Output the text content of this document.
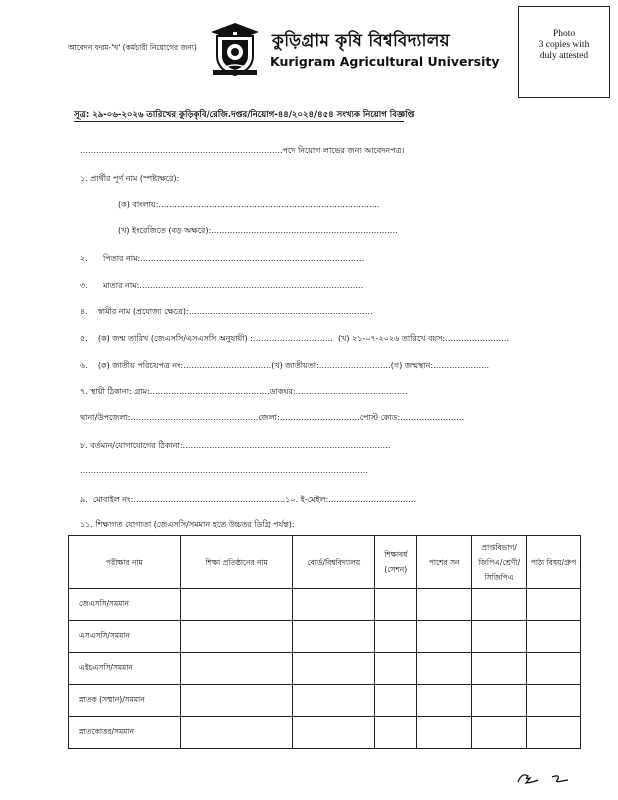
Photo
3 copies with
duly attested
আবেদন ফরম-'খ' (কর্মচারী নিয়োগের জন্য)	কুড়িগ্রাম কৃষি বিশ্ববিদ্যালয়
Kurigram Agricultural University
সূত্র: ২৯-০৬-২০২৬ তারিখের কুড়িকৃবি/রেজি.দপ্তর/নিয়োগ-৪৪/২০২৪/৪৫৪ সংখ্যক নিয়োগ বিজ্ঞপ্তি
………………………………………………………………….পদে নিয়োগ লাভের জন্য আবেদনপত্র।
১. প্রার্থীর পূর্ণ নাম (স্পষ্টাক্ষরে):
(ক) বাংলায়:………………………………………………………………………..
(খ) ইংরেজিতে (বড় অক্ষরে):…………………………………………………………….
২. পিতার নাম:…………………………………………………………………………
৩. মাতার নাম:…………………………………………………………………………
৪. স্বামীর নাম (প্রযোজ্য ক্ষেত্রে):……………………………………………………………
৫. (ক) জন্ম তারিখ (জেএসসি/এসএসসি অনুযায়ী) :………………………… (খ) ২১-০৭-২০২৬ তারিখে বয়স:……………………
৬. (ক) জাতীয় পরিচয়পত্র নং:……………………………(খ) জাতীয়তা:………………………(গ) জন্মস্থান:…………………
৭. স্থায়ী ঠিকানা: গ্রাম:………………………………………ডাকঘর:……………………………………
থানা/উপজেলা:…………………………………………জেলা:…………………………পোস্ট কোড:……………………
৮. বর্তমান/যোগাযোগের ঠিকানা:……………………………………………………………………
………………………………………………………………………………………………
৯. মোবাইল নং:…………………………………………………১০. ই-মেইল:……………………………
১১. শিক্ষাগত যোগ্যতা (জেএসসি/সমমান হতে উচ্চতর ডিগ্রি পর্যন্ত):
পরীক্ষার নাম	শিক্ষা প্রতিষ্ঠানের নাম	বোর্ড/বিশ্ববিদ্যালয়	শিক্ষাবর্ষ (সেশন)	পাশের সন	প্রাপ্তবিভাগ/ জিপিএ/শ্রেণী/ সিজিপিএ	পাঠ্য বিষয়/গ্রুপ
জেএসসি/সমমান						
এসএসসি/সমমান						
এইচএসসি/সমমান						
স্নাতক (সম্মান)/সমমান						
স্নাতকোত্তর/সমমান						
